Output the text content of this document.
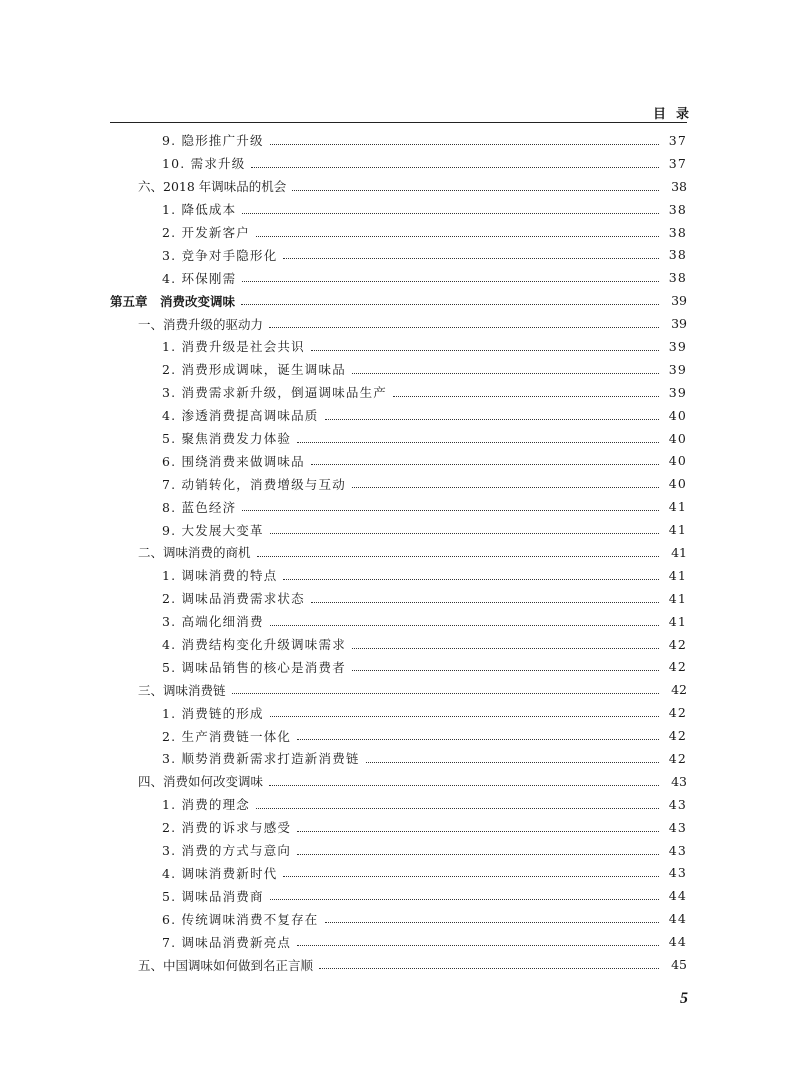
目录
9. 隐形推广升级	37
10. 需求升级	37
六、2018 年调味品的机会	38
1. 降低成本	38
2. 开发新客户	38
3. 竞争对手隐形化	38
4. 环保刚需	38
第五章　消费改变调味	39
一、消费升级的驱动力	39
1. 消费升级是社会共识	39
2. 消费形成调味，诞生调味品	39
3. 消费需求新升级，倒逼调味品生产	39
4. 渗透消费提高调味品质	40
5. 聚焦消费发力体验	40
6. 围绕消费来做调味品	40
7. 动销转化，消费增级与互动	40
8. 蓝色经济	41
9. 大发展大变革	41
二、调味消费的商机	41
1. 调味消费的特点	41
2. 调味品消费需求状态	41
3. 高端化细消费	41
4. 消费结构变化升级调味需求	42
5. 调味品销售的核心是消费者	42
三、调味消费链	42
1. 消费链的形成	42
2. 生产消费链一体化	42
3. 顺势消费新需求打造新消费链	42
四、消费如何改变调味	43
1. 消费的理念	43
2. 消费的诉求与感受	43
3. 消费的方式与意向	43
4. 调味消费新时代	43
5. 调味品消费商	44
6. 传统调味消费不复存在	44
7. 调味品消费新亮点	44
五、中国调味如何做到名正言顺	45
5
